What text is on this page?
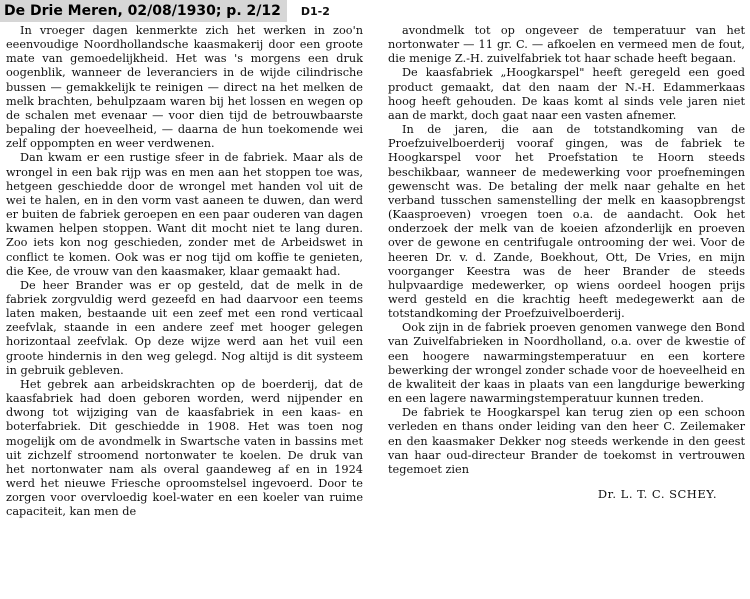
De Drie Meren, 02/08/1930; p. 2/12	D1-2

In vroeger dagen kenmerkte zich het werken in zoo'n eeenvoudige Noordhollandsche kaasmakerij door een groote mate van gemoedelijkheid. Het was 's morgens een druk oogenblik, wanneer de leveranciers in de wijde cilindrische bussen — gemakkelijk te reinigen — direct na het melken de melk brachten, behulpzaam waren bij het lossen en wegen op de schalen met evenaar — voor dien tijd de betrouwbaarste bepaling der hoeveelheid, — daarna de hun toekomende wei zelf oppompten en weer verdwenen.

Dan kwam er een rustige sfeer in de fabriek. Maar als de wrongel in een bak rijp was en men aan het stoppen toe was, hetgeen geschiedde door de wrongel met handen vol uit de wei te halen, en in den vorm vast aaneen te duwen, dan werd er buiten de fabriek geroepen en een paar ouderen van dagen kwamen helpen stoppen. Want dit mocht niet te lang duren. Zoo iets kon nog geschieden, zonder met de Arbeidswet in conflict te komen. Ook was er nog tijd om koffie te genieten, die Kee, de vrouw van den kaasmaker, klaar gemaakt had.

De heer Brander was er op gesteld, dat de melk in de fabriek zorgvuldig werd gezeefd en had daarvoor een teems laten maken, bestaande uit een zeef met een rond verticaal zeefvlak, staande in een andere zeef met hooger gelegen horizontaal zeefvlak. Op deze wijze werd aan het vuil een groote hindernis in den weg gelegd. Nog altijd is dit systeem in gebruik gebleven.

Het gebrek aan arbeidskrachten op de boerderij, dat de kaasfabriek had doen geboren worden, werd nijpender en dwong tot wijziging van de kaasfabriek in een kaas- en boterfabriek. Dit geschiedde in 1908. Het was toen nog mogelijk om de avondmelk in Swartsche vaten in bassins met uit zichzelf stroomend nortonwater te koelen. De druk van het nortonwater nam als overal gaandeweg af en in 1924 werd het nieuwe Friesche oproomstelsel ingevoerd. Door te zorgen voor overvloedig koel-water en een koeler van ruime capaciteit, kan men de

avondmelk tot op ongeveer de temperatuur van het nortonwater — 11 gr. C. — afkoelen en vermeed men de fout, die menige Z.-H. zuivelfabriek tot haar schade heeft begaan.

De kaasfabriek „Hoogkarspel" heeft geregeld een goed product gemaakt, dat den naam der N.-H. Edammerkaas hoog heeft gehouden. De kaas komt al sinds vele jaren niet aan de markt, doch gaat naar een vasten afnemer.

In de jaren, die aan de totstandkoming van de Proefzuivelboerderij vooraf gingen, was de fabriek te Hoogkarspel voor het Proefstation te Hoorn steeds beschikbaar, wanneer de medewerking voor proefnemingen gewenscht was. De betaling der melk naar gehalte en het verband tusschen samenstelling der melk en kaasopbrengst (Kaasproeven) vroegen toen o.a. de aandacht. Ook het onderzoek der melk van de koeien afzonderlijk en proeven over de gewone en centrifugale ontrooming der wei. Voor de heeren Dr. v. d. Zande, Boekhout, Ott, De Vries, en mijn voorganger Keestra was de heer Brander de steeds hulpvaardige medewerker, op wiens oordeel hoogen prijs werd gesteld en die krachtig heeft medegewerkt aan de totstandkoming der Proefzuivelboerderij.

Ook zijn in de fabriek proeven genomen vanwege den Bond van Zuivelfabrieken in Noordholland, o.a. over de kwestie of een hoogere nawarmingstemperatuur en een kortere bewerking der wrongel zonder schade voor de hoeveelheid en de kwaliteit der kaas in plaats van een langdurige bewerking en een lagere nawarmingstemperatuur kunnen treden.

De fabriek te Hoogkarspel kan terug zien op een schoon verleden en thans onder leiding van den heer C. Zeilemaker en den kaasmaker Dekker nog steeds werkende in den geest van haar oud-directeur Brander de toekomst in vertrouwen tegemoet zien

Dr. L. T. C. SCHEY.
